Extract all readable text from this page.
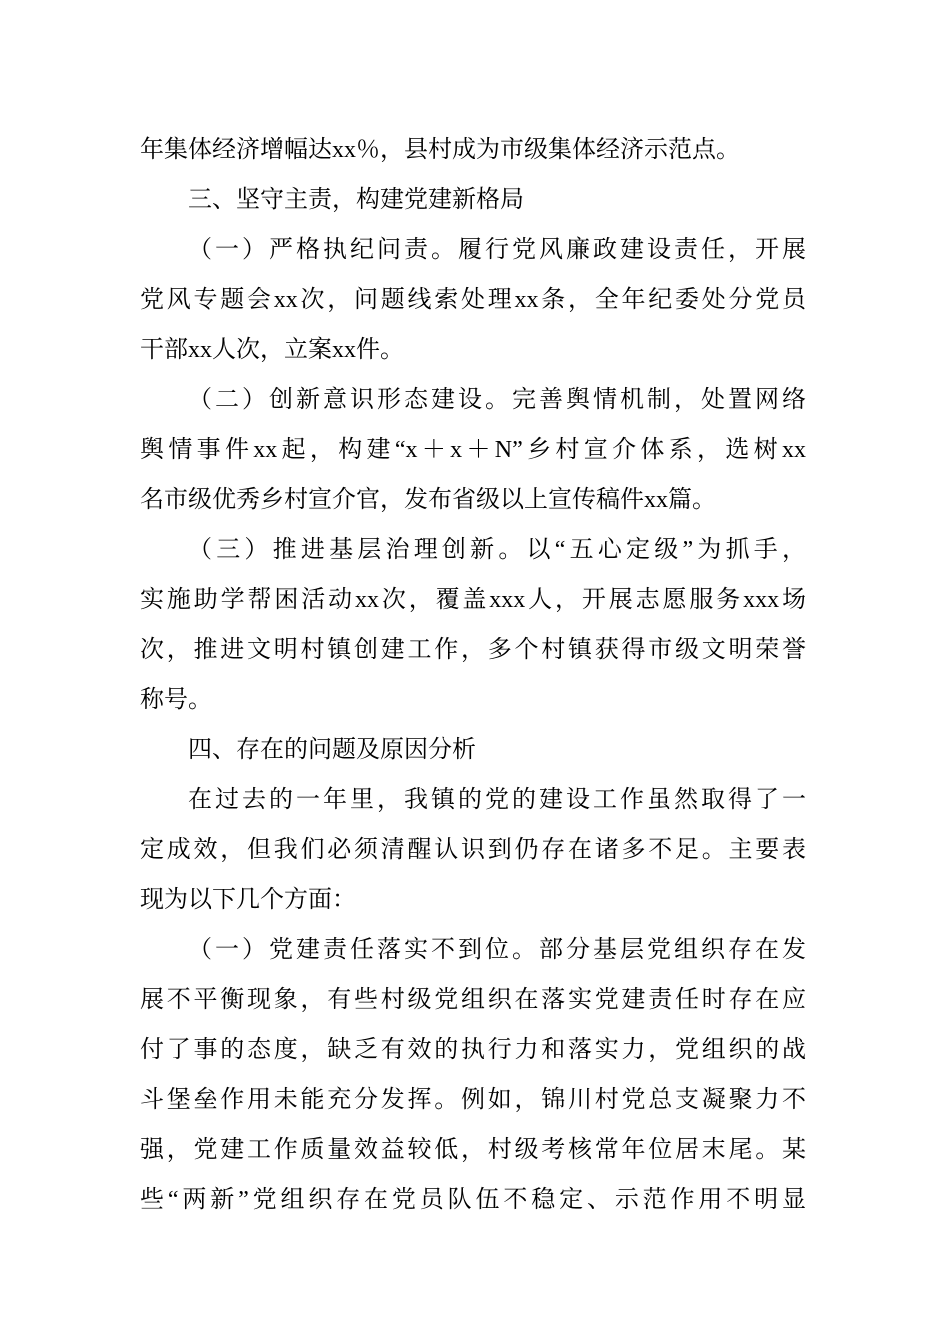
年集体经济增幅达xx％，县村成为市级集体经济示范点。
三、坚守主责，构建党建新格局
（一）严格执纪问责。履行党风廉政建设责任，开展
党风专题会xx次，问题线索处理xx条，全年纪委处分党员
干部xx人次，立案xx件。
（二）创新意识形态建设。完善舆情机制，处置网络
舆情事件xx起，构建“x＋x＋N”乡村宣介体系，选树xx
名市级优秀乡村宣介官，发布省级以上宣传稿件xx篇。
（三）推进基层治理创新。以“五心定级”为抓手，
实施助学帮困活动xx次，覆盖xxx人，开展志愿服务xxx场
次，推进文明村镇创建工作，多个村镇获得市级文明荣誉
称号。
四、存在的问题及原因分析
在过去的一年里，我镇的党的建设工作虽然取得了一
定成效，但我们必须清醒认识到仍存在诸多不足。主要表
现为以下几个方面：
（一）党建责任落实不到位。部分基层党组织存在发
展不平衡现象，有些村级党组织在落实党建责任时存在应
付了事的态度，缺乏有效的执行力和落实力，党组织的战
斗堡垒作用未能充分发挥。例如，锦川村党总支凝聚力不
强，党建工作质量效益较低，村级考核常年位居末尾。某
些“两新”党组织存在党员队伍不稳定、示范作用不明显
